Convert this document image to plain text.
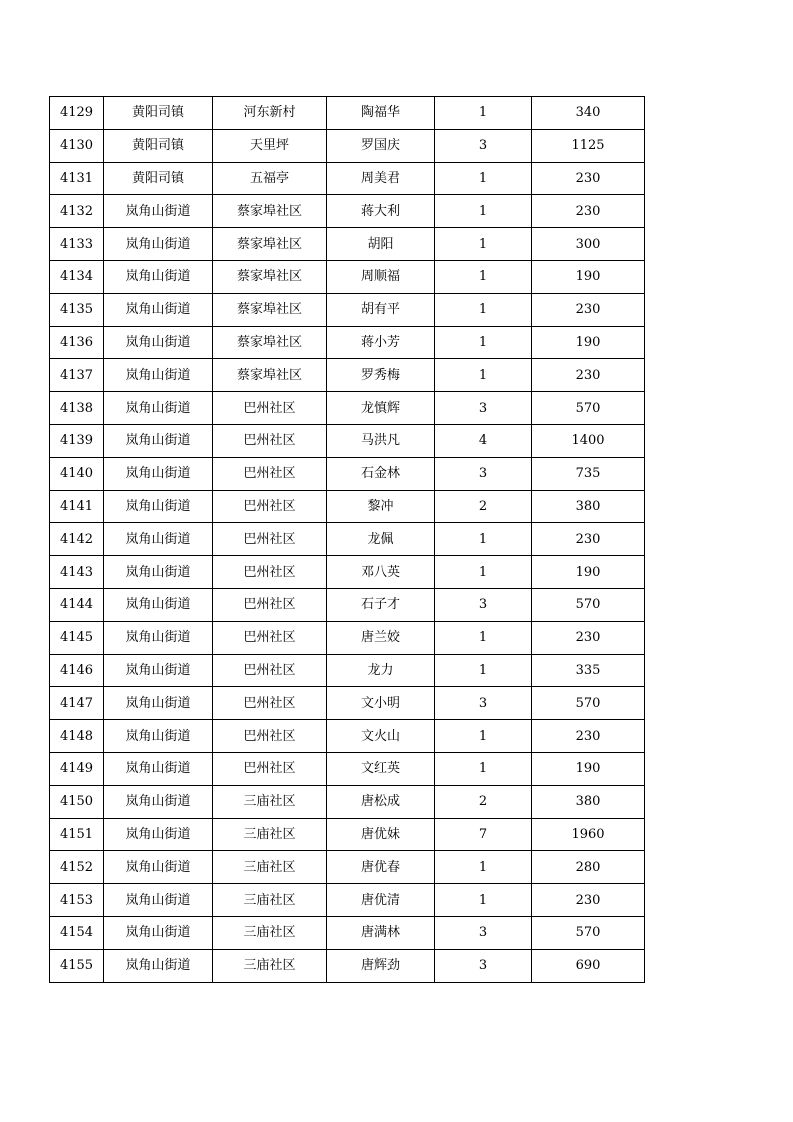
4129	黄阳司镇	河东新村	陶福华	1	340
4130	黄阳司镇	天里坪	罗国庆	3	1125
4131	黄阳司镇	五福亭	周美君	1	230
4132	岚角山街道	蔡家埠社区	蒋大利	1	230
4133	岚角山街道	蔡家埠社区	胡阳	1	300
4134	岚角山街道	蔡家埠社区	周顺福	1	190
4135	岚角山街道	蔡家埠社区	胡有平	1	230
4136	岚角山街道	蔡家埠社区	蒋小芳	1	190
4137	岚角山街道	蔡家埠社区	罗秀梅	1	230
4138	岚角山街道	巴州社区	龙慎辉	3	570
4139	岚角山街道	巴州社区	马洪凡	4	1400
4140	岚角山街道	巴州社区	石金林	3	735
4141	岚角山街道	巴州社区	黎冲	2	380
4142	岚角山街道	巴州社区	龙佩	1	230
4143	岚角山街道	巴州社区	邓八英	1	190
4144	岚角山街道	巴州社区	石子才	3	570
4145	岚角山街道	巴州社区	唐兰姣	1	230
4146	岚角山街道	巴州社区	龙力	1	335
4147	岚角山街道	巴州社区	文小明	3	570
4148	岚角山街道	巴州社区	文火山	1	230
4149	岚角山街道	巴州社区	文红英	1	190
4150	岚角山街道	三庙社区	唐松成	2	380
4151	岚角山街道	三庙社区	唐优妹	7	1960
4152	岚角山街道	三庙社区	唐优春	1	280
4153	岚角山街道	三庙社区	唐优清	1	230
4154	岚角山街道	三庙社区	唐满林	3	570
4155	岚角山街道	三庙社区	唐辉劲	3	690
